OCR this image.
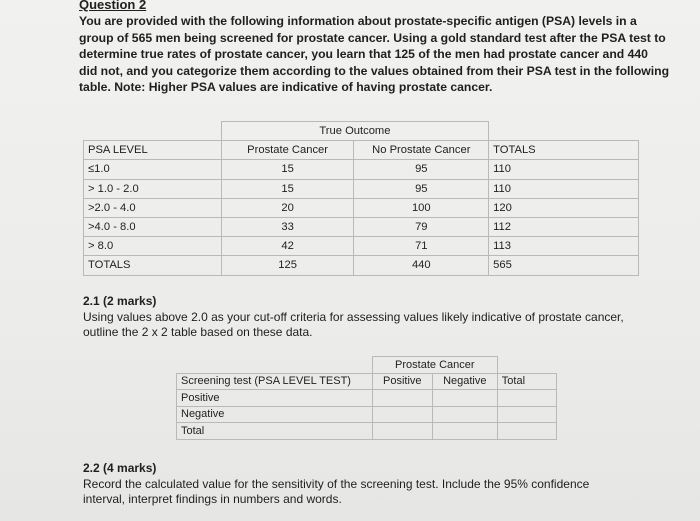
Question 2
You are provided with the following information about prostate-specific antigen (PSA) levels in a
group of 565 men being screened for prostate cancer. Using a gold standard test after the PSA test to
determine true rates of prostate cancer, you learn that 125 of the men had prostate cancer and 440
did not, and you categorize them according to the values obtained from their PSA test in the following
table. Note: Higher PSA values are indicative of having prostate cancer.
	True Outcome		
PSA LEVEL	Prostate Cancer	No Prostate Cancer	TOTALS
≤1.0	15	95	110
> 1.0 - 2.0	15	95	110
>2.0 - 4.0	20	100	120
>4.0 - 8.0	33	79	112
> 8.0	42	71	113
TOTALS	125	440	565
2.1 (2 marks)
Using values above 2.0 as your cut-off criteria for assessing values likely indicative of prostate cancer,
outline the 2 x 2 table based on these data.
	Prostate Cancer		
Screening test (PSA LEVEL TEST)	Positive	Negative	Total
Positive			
Negative			
Total			
2.2 (4 marks)
Record the calculated value for the sensitivity of the screening test. Include the 95% confidence
interval, interpret findings in numbers and words.
